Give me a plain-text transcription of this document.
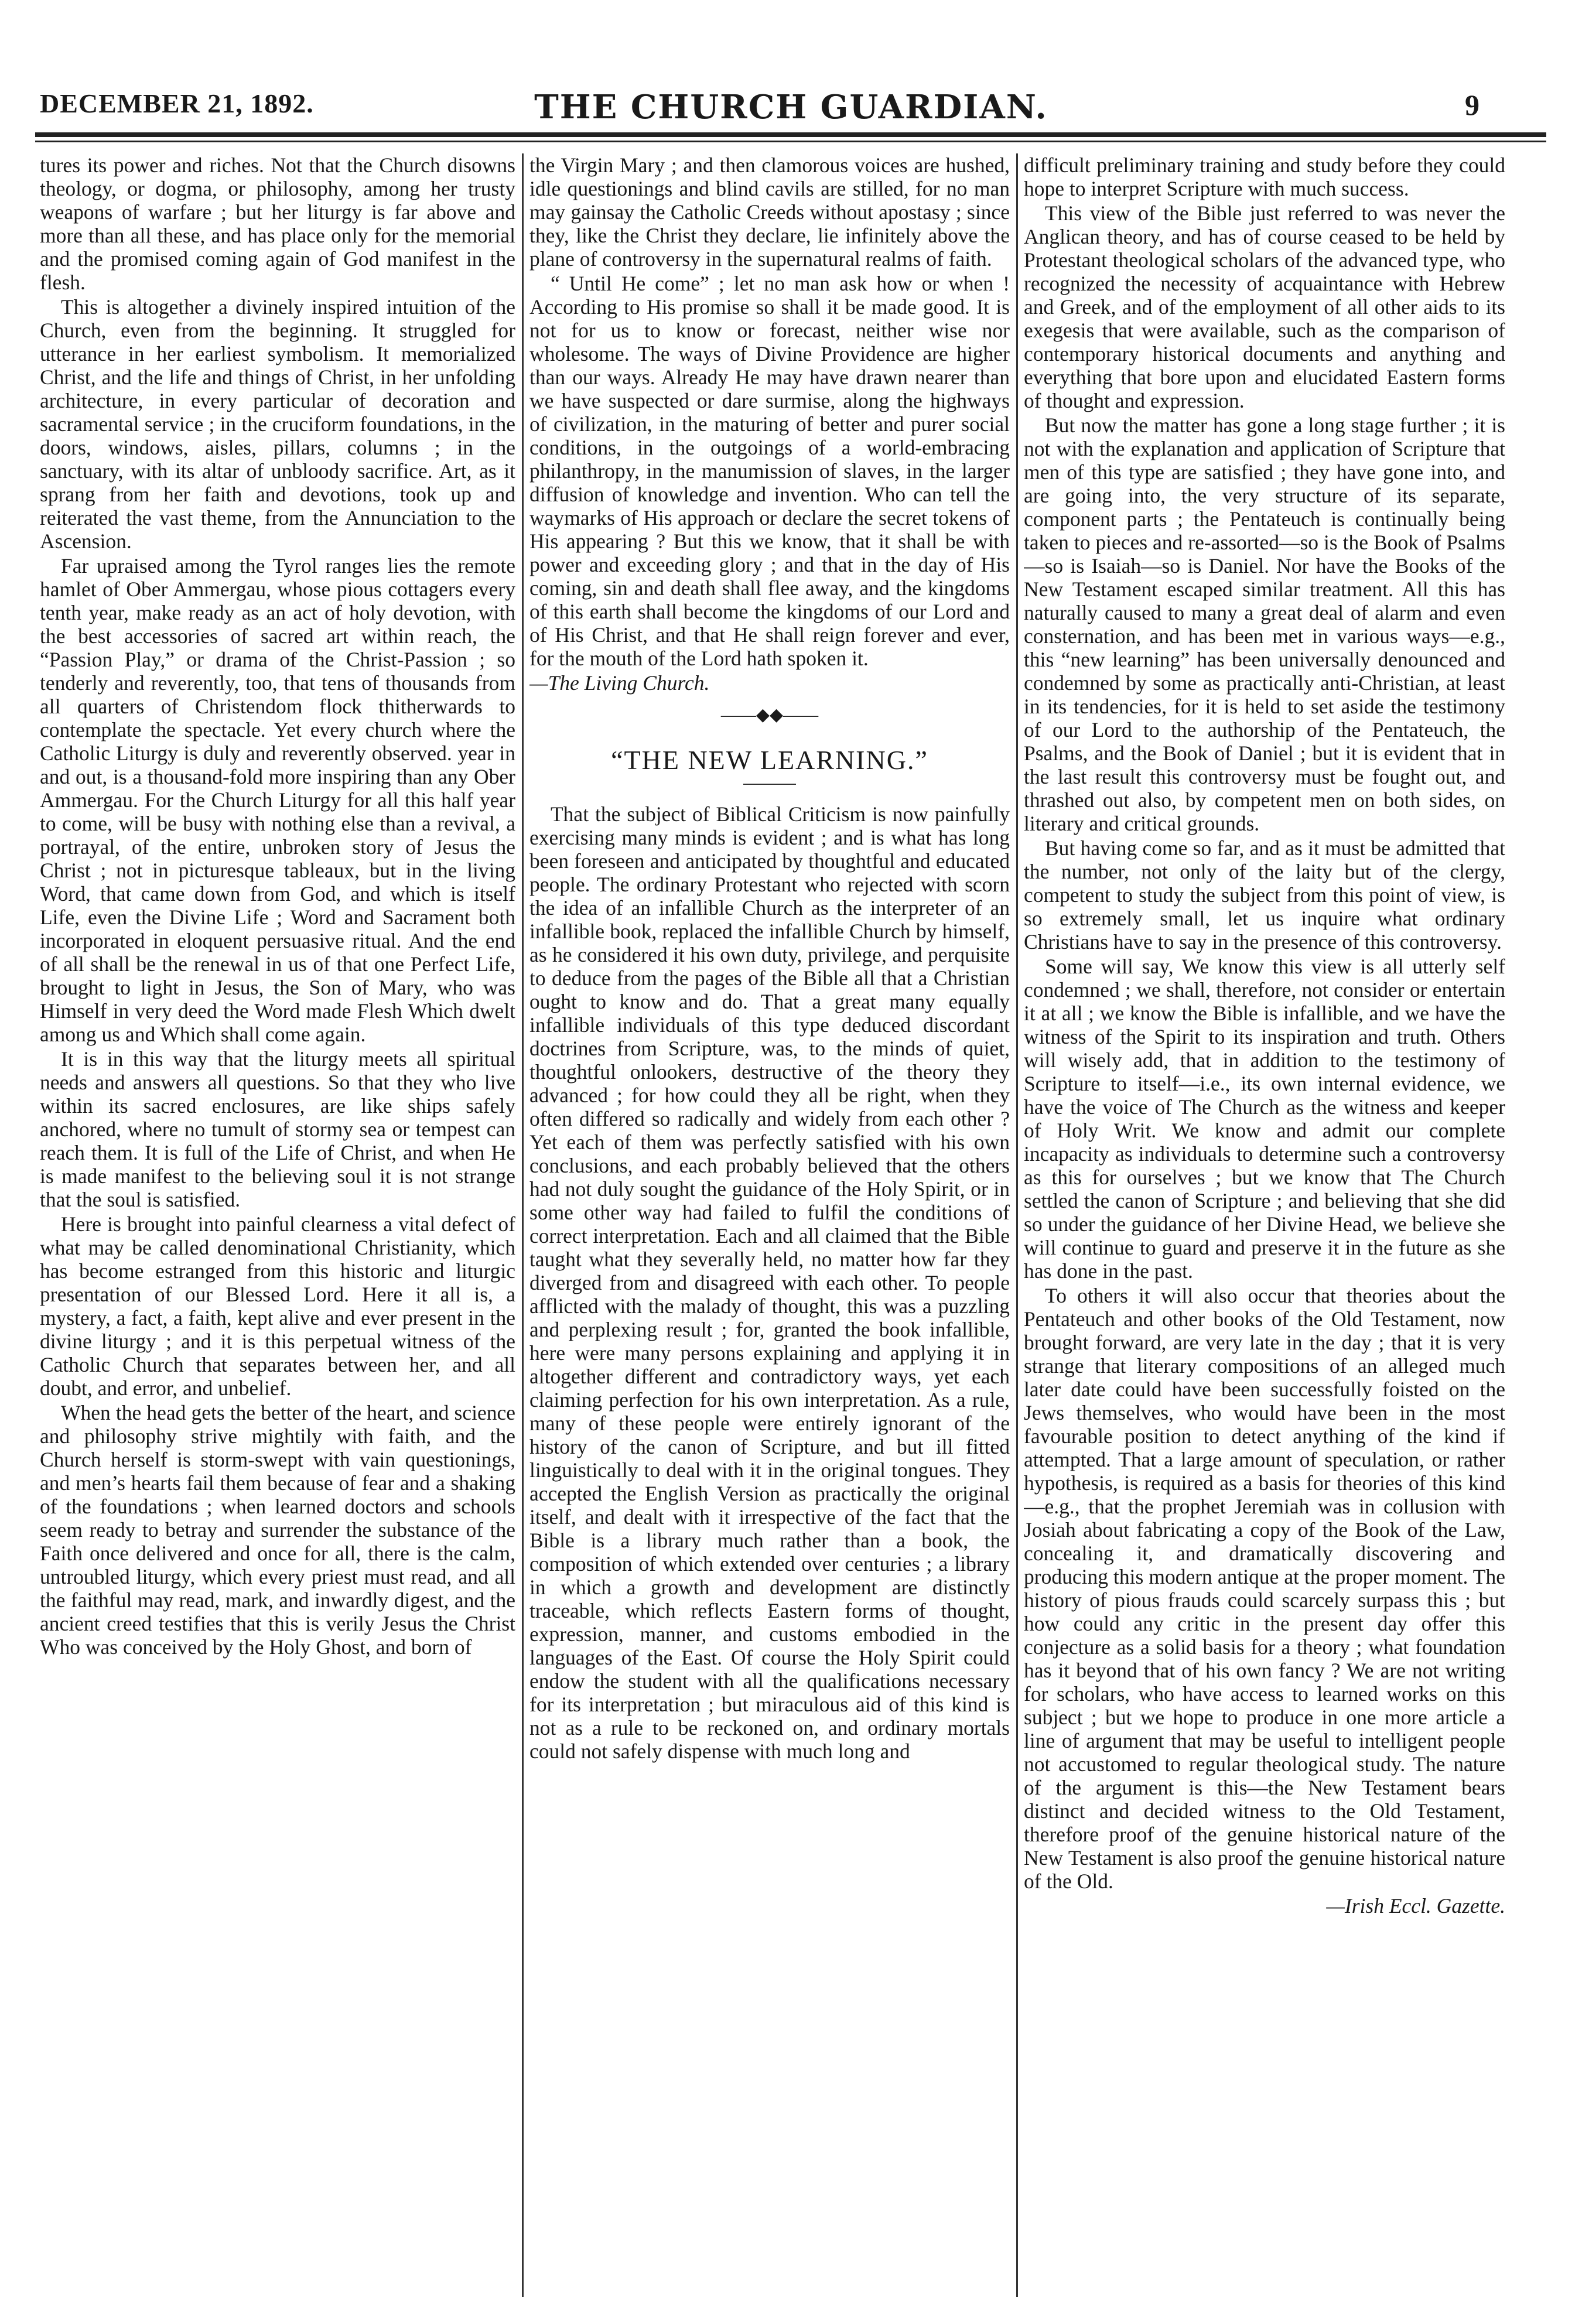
DECEMBER 21, 1892.	THE CHURCH GUARDIAN.	9

tures its power and riches. Not that the Church disowns theology, or dogma, or philosophy, among her trusty weapons of warfare ; but her liturgy is far above and more than all these, and has place only for the memorial and the promised coming again of God manifest in the flesh.

This is altogether a divinely inspired intuition of the Church, even from the beginning. It struggled for utterance in her earliest symbolism. It memorialized Christ, and the life and things of Christ, in her unfolding architecture, in every particular of decoration and sacramental service ; in the cruciform foundations, in the doors, windows, aisles, pillars, columns ; in the sanctuary, with its altar of unbloody sacrifice. Art, as it sprang from her faith and devotions, took up and reiterated the vast theme, from the Annunciation to the Ascension.

Far upraised among the Tyrol ranges lies the remote hamlet of Ober Ammergau, whose pious cottagers every tenth year, make ready as an act of holy devotion, with the best accessories of sacred art within reach, the “Passion Play,” or drama of the Christ-Passion ; so tenderly and reverently, too, that tens of thousands from all quarters of Christendom flock thitherwards to contemplate the spectacle. Yet every church where the Catholic Liturgy is duly and reverently observed. year in and out, is a thousand-fold more inspiring than any Ober Ammergau. For the Church Liturgy for all this half year to come, will be busy with nothing else than a revival, a portrayal, of the entire, unbroken story of Jesus the Christ ; not in picturesque tableaux, but in the living Word, that came down from God, and which is itself Life, even the Divine Life ; Word and Sacrament both incorporated in eloquent persuasive ritual. And the end of all shall be the renewal in us of that one Perfect Life, brought to light in Jesus, the Son of Mary, who was Himself in very deed the Word made Flesh Which dwelt among us and Which shall come again.

It is in this way that the liturgy meets all spiritual needs and answers all questions. So that they who live within its sacred enclosures, are like ships safely anchored, where no tumult of stormy sea or tempest can reach them. It is full of the Life of Christ, and when He is made manifest to the believing soul it is not strange that the soul is satisfied.

Here is brought into painful clearness a vital defect of what may be called denominational Christianity, which has become estranged from this historic and liturgic presentation of our Blessed Lord. Here it all is, a mystery, a fact, a faith, kept alive and ever present in the divine liturgy ; and it is this perpetual witness of the Catholic Church that separates between her, and all doubt, and error, and unbelief.

When the head gets the better of the heart, and science and philosophy strive mightily with faith, and the Church herself is storm-swept with vain questionings, and men’s hearts fail them because of fear and a shaking of the foundations ; when learned doctors and schools seem ready to betray and surrender the substance of the Faith once delivered and once for all, there is the calm, untroubled liturgy, which every priest must read, and all the faithful may read, mark, and inwardly digest, and the ancient creed testifies that this is verily Jesus the Christ Who was conceived by the Holy Ghost, and born of

the Virgin Mary ; and then clamorous voices are hushed, idle questionings and blind cavils are stilled, for no man may gainsay the Catholic Creeds without apostasy ; since they, like the Christ they declare, lie infinitely above the plane of controversy in the supernatural realms of faith.

“ Until He come” ; let no man ask how or when ! According to His promise so shall it be made good. It is not for us to know or forecast, neither wise nor wholesome. The ways of Divine Providence are higher than our ways. Already He may have drawn nearer than we have suspected or dare surmise, along the highways of civilization, in the maturing of better and purer social conditions, in the outgoings of a world-embracing philanthropy, in the manumission of slaves, in the larger diffusion of knowledge and invention. Who can tell the waymarks of His approach or declare the secret tokens of His appearing ? But this we know, that it shall be with power and exceeding glory ; and that in the day of His coming, sin and death shall flee away, and the kingdoms of this earth shall become the kingdoms of our Lord and of His Christ, and that He shall reign forever and ever, for the mouth of the Lord hath spoken it.

—The Living Church.

——◆◆——
“THE NEW LEARNING.”

That the subject of Biblical Criticism is now painfully exercising many minds is evident ; and is what has long been foreseen and anticipated by thoughtful and educated people. The ordinary Protestant who rejected with scorn the idea of an infallible Church as the interpreter of an infallible book, replaced the infallible Church by himself, as he considered it his own duty, privilege, and perquisite to deduce from the pages of the Bible all that a Christian ought to know and do. That a great many equally infallible individuals of this type deduced discordant doctrines from Scripture, was, to the minds of quiet, thoughtful onlookers, destructive of the theory they advanced ; for how could they all be right, when they often differed so radically and widely from each other ? Yet each of them was perfectly satisfied with his own conclusions, and each probably believed that the others had not duly sought the guidance of the Holy Spirit, or in some other way had failed to fulfil the conditions of correct interpretation. Each and all claimed that the Bible taught what they severally held, no matter how far they diverged from and disagreed with each other. To people afflicted with the malady of thought, this was a puzzling and perplexing result ; for, granted the book infallible, here were many persons explaining and applying it in altogether different and contradictory ways, yet each claiming perfection for his own interpretation. As a rule, many of these people were entirely ignorant of the history of the canon of Scripture, and but ill fitted linguistically to deal with it in the original tongues. They accepted the English Version as practically the original itself, and dealt with it irrespective of the fact that the Bible is a library much rather than a book, the composition of which extended over centuries ; a library in which a growth and development are distinctly traceable, which reflects Eastern forms of thought, expression, manner, and customs embodied in the languages of the East. Of course the Holy Spirit could endow the student with all the qualifications necessary for its interpretation ; but miraculous aid of this kind is not as a rule to be reckoned on, and ordinary mortals could not safely dispense with much long and

difficult preliminary training and study before they could hope to interpret Scripture with much success.

This view of the Bible just referred to was never the Anglican theory, and has of course ceased to be held by Protestant theological scholars of the advanced type, who recognized the necessity of acquaintance with Hebrew and Greek, and of the employment of all other aids to its exegesis that were available, such as the comparison of contemporary historical documents and anything and everything that bore upon and elucidated Eastern forms of thought and expression.

But now the matter has gone a long stage further ; it is not with the explanation and application of Scripture that men of this type are satisfied ; they have gone into, and are going into, the very structure of its separate, component parts ; the Pentateuch is continually being taken to pieces and re-assorted—so is the Book of Psalms—so is Isaiah—so is Daniel. Nor have the Books of the New Testament escaped similar treatment. All this has naturally caused to many a great deal of alarm and even consternation, and has been met in various ways—e.g., this “new learning” has been universally denounced and condemned by some as practically anti-Christian, at least in its tendencies, for it is held to set aside the testimony of our Lord to the authorship of the Pentateuch, the Psalms, and the Book of Daniel ; but it is evident that in the last result this controversy must be fought out, and thrashed out also, by competent men on both sides, on literary and critical grounds.

But having come so far, and as it must be admitted that the number, not only of the laity but of the clergy, competent to study the subject from this point of view, is so extremely small, let us inquire what ordinary Christians have to say in the presence of this controversy.

Some will say, We know this view is all utterly self condemned ; we shall, therefore, not consider or entertain it at all ; we know the Bible is infallible, and we have the witness of the Spirit to its inspiration and truth. Others will wisely add, that in addition to the testimony of Scripture to itself—i.e., its own internal evidence, we have the voice of The Church as the witness and keeper of Holy Writ. We know and admit our complete incapacity as individuals to determine such a controversy as this for ourselves ; but we know that The Church settled the canon of Scripture ; and believing that she did so under the guidance of her Divine Head, we believe she will continue to guard and preserve it in the future as she has done in the past.

To others it will also occur that theories about the Pentateuch and other books of the Old Testament, now brought forward, are very late in the day ; that it is very strange that literary compositions of an alleged much later date could have been successfully foisted on the Jews themselves, who would have been in the most favourable position to detect anything of the kind if attempted. That a large amount of speculation, or rather hypothesis, is required as a basis for theories of this kind—e.g., that the prophet Jeremiah was in collusion with Josiah about fabricating a copy of the Book of the Law, concealing it, and dramatically discovering and producing this modern antique at the proper moment. The history of pious frauds could scarcely surpass this ; but how could any critic in the present day offer this conjecture as a solid basis for a theory ; what foundation has it beyond that of his own fancy ? We are not writing for scholars, who have access to learned works on this subject ; but we hope to produce in one more article a line of argument that may be useful to intelligent people not accustomed to regular theological study. The nature of the argument is this—the New Testament bears distinct and decided witness to the Old Testament, therefore proof of the genuine historical nature of the New Testament is also proof the genuine historical nature of the Old.

—Irish Eccl. Gazette.
